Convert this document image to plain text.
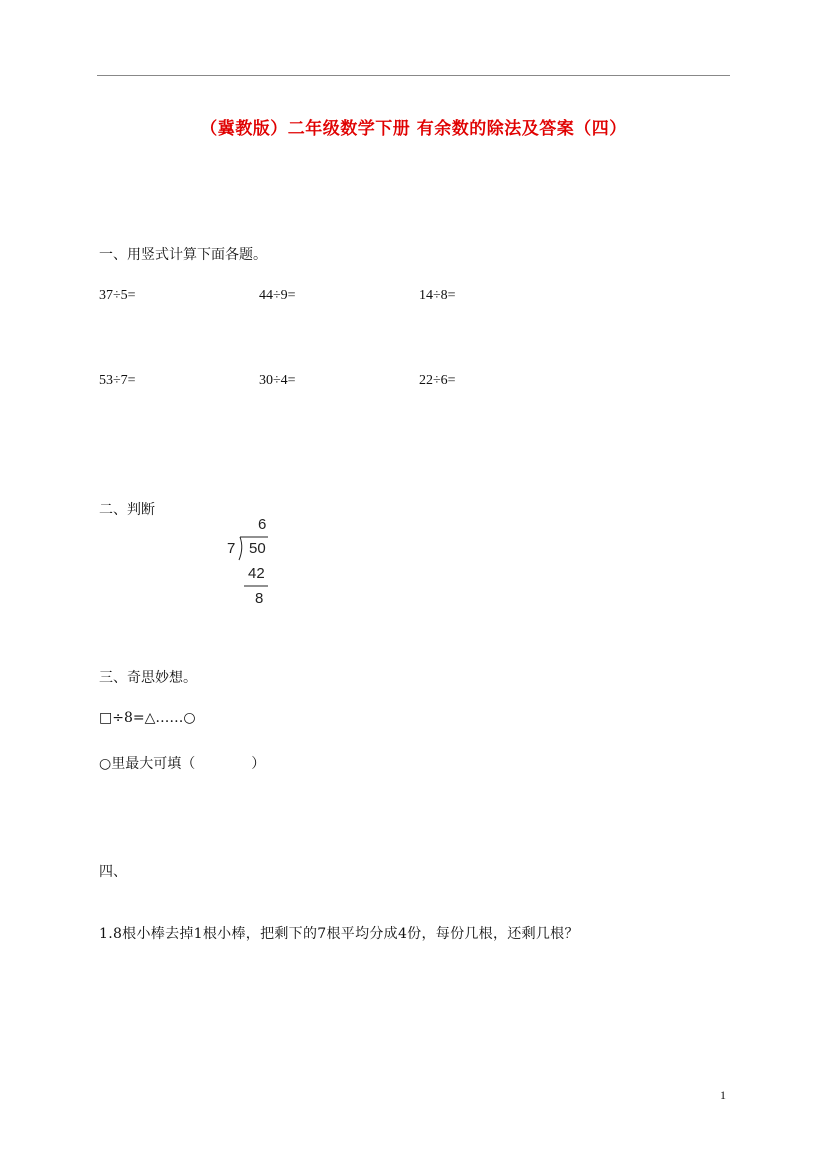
（冀教版）二年级数学下册 有余数的除法及答案（四）
一、用竖式计算下面各题。
37÷5=	44÷9=	14÷8=
53÷7=	30÷4=	22÷6=
二、判断
6
7 50
42
8
三、奇思妙想。
□÷8=△……○
○里最大可填（　　　　）
四、
1.8根小棒去掉1根小棒，把剩下的7根平均分成4份，每份几根，还剩几根？
1
